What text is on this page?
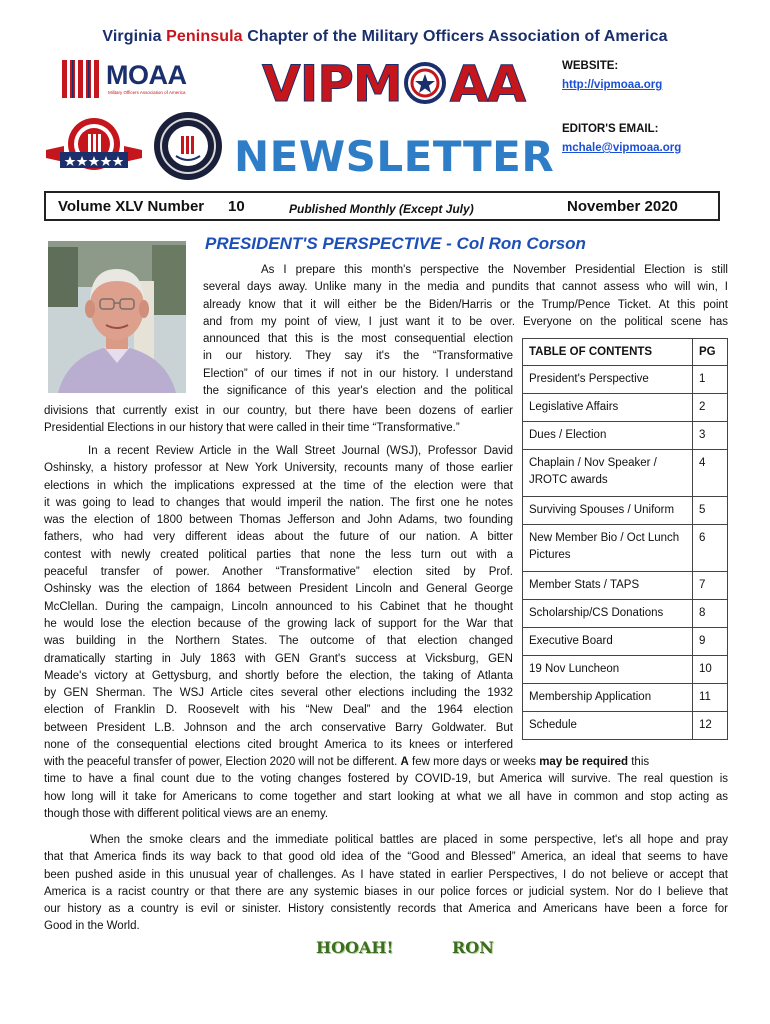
Virginia Peninsula Chapter of the Military Officers Association of America
MOAA
Military Officers Association of America VIPM AA
NEWSLETTER
WEBSITE:
http://vipmoaa.org
EDITOR'S EMAIL:
mchale@vipmoaa.org
Volume XLV Number 10	Published Monthly (Except July)	November 2020
PRESIDENT'S PERSPECTIVE - Col Ron Corson
As I prepare this month's perspective the November Presidential Election is still
several days away. Unlike many in the media and pundits that cannot assess who will win, I
already know that it will either be the Biden/Harris or the Trump/Pence Ticket. At this point
and from my point of view, I just want it to be over. Everyone on the political scene has
announced that this is the most consequential election
in our history. They say it's the “Transformative
Election” of our times if not in our history. I understand
the significance of this year's election and the political
divisions that currently exist in our country, but there have been dozens of earlier
Presidential Elections in our history that were called in their time “Transformative.”
In a recent Review Article in the Wall Street Journal (WSJ), Professor David
Oshinsky, a history professor at New York University, recounts many of those earlier
elections in which the implications expressed at the time of the election were that
it was going to lead to changes that would imperil the nation. The first one he notes
was the election of 1800 between Thomas Jefferson and John Adams, two founding
fathers, who had very different ideas about the future of our nation. A bitter
contest with newly created political parties that none the less turn out with a
peaceful transfer of power. Another “Transformative” election sited by Prof.
Oshinsky was the election of 1864 between President Lincoln and General George
McClellan. During the campaign, Lincoln announced to his Cabinet that he thought
he would lose the election because of the growing lack of support for the War that
was building in the Northern States. The outcome of that election changed
dramatically starting in July 1863 with GEN Grant's success at Vicksburg, GEN
Meade's victory at Gettysburg, and shortly before the election, the taking of Atlanta
by GEN Sherman. The WSJ Article cites several other elections including the 1932
election of Franklin D. Roosevelt with his “New Deal” and the 1964 election
between President L.B. Johnson and the arch conservative Barry Goldwater. But
none of the consequential elections cited brought America to its knees or interfered
with the peaceful transfer of power, Election 2020 will not be different. A few more days or weeks may be required this
time to have a final count due to the voting changes fostered by COVID-19, but America will survive. The real question is
how long will it take for Americans to come together and start looking at what we all have in common and stop acting as
though those with different political views are an enemy.
When the smoke clears and the immediate political battles are placed in some perspective, let's all hope and pray
that that America finds its way back to that good old idea of the “Good and Blessed” America, an ideal that seems to have
been pushed aside in this unusual year of challenges. As I have stated in earlier Perspectives, I do not believe or accept that
America is a racist country or that there are any systemic biases in our police forces or judicial system. Nor do I believe that
our history as a country is evil or sinister. History consistently records that America and Americans have been a force for
Good in the World.
HOOAH!	RON
TABLE OF CONTENTS	PG
President's Perspective	1
Legislative Affairs	2
Dues / Election	3
Chaplain / Nov Speaker / JROTC awards	4
Surviving Spouses / Uniform	5
New Member Bio / Oct Lunch Pictures	6
Member Stats / TAPS	7
Scholarship/CS Donations	8
Executive Board	9
19 Nov Luncheon	10
Membership Application	11
Schedule	12
